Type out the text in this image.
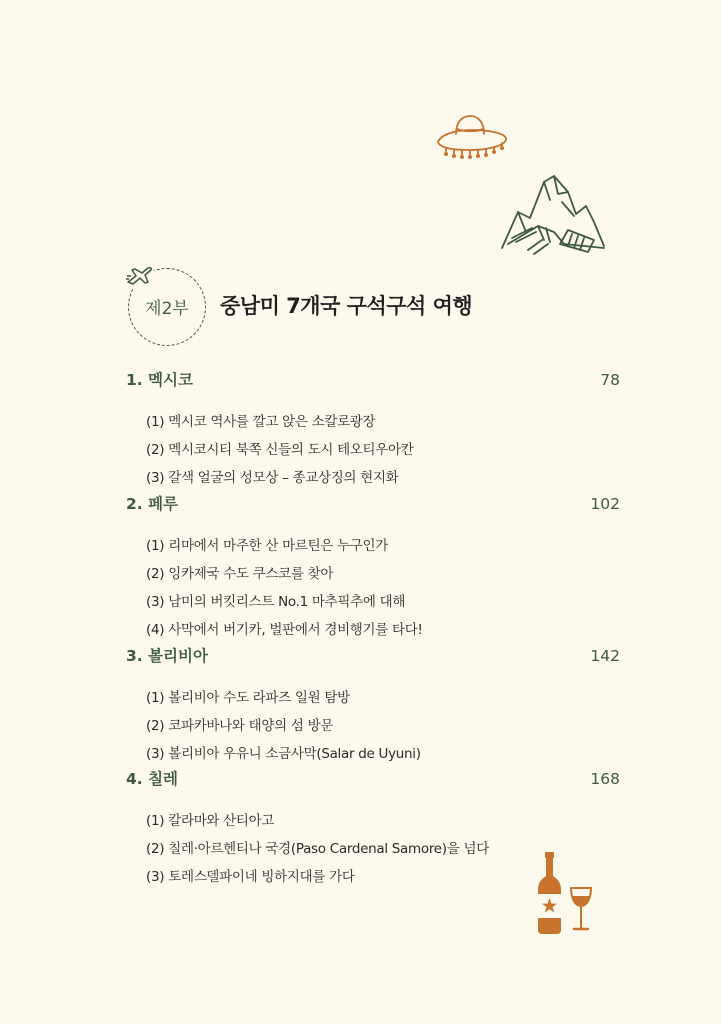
제2부	중남미 7개국 구석구석 여행
1. 멕시코	78
(1) 멕시코 역사를 깔고 앉은 소칼로광장
(2) 멕시코시티 북쪽 신들의 도시 테오티우아칸
(3) 갈색 얼굴의 성모상 – 종교상징의 현지화
2. 페루	102
(1) 리마에서 마주한 산 마르틴은 누구인가
(2) 잉카제국 수도 쿠스코를 찾아
(3) 남미의 버킷리스트 No.1 마추픽추에 대해
(4) 사막에서 버기카, 벌판에서 경비행기를 타다!
3. 볼리비아	142
(1) 볼리비아 수도 라파즈 일원 탐방
(2) 코파카바나와 태양의 섬 방문
(3) 볼리비아 우유니 소금사막(Salar de Uyuni)
4. 칠레	168
(1) 칼라마와 산티아고
(2) 칠레·아르헨티나 국경(Paso Cardenal Samore)을 넘다
(3) 토레스델파이네 빙하지대를 가다
